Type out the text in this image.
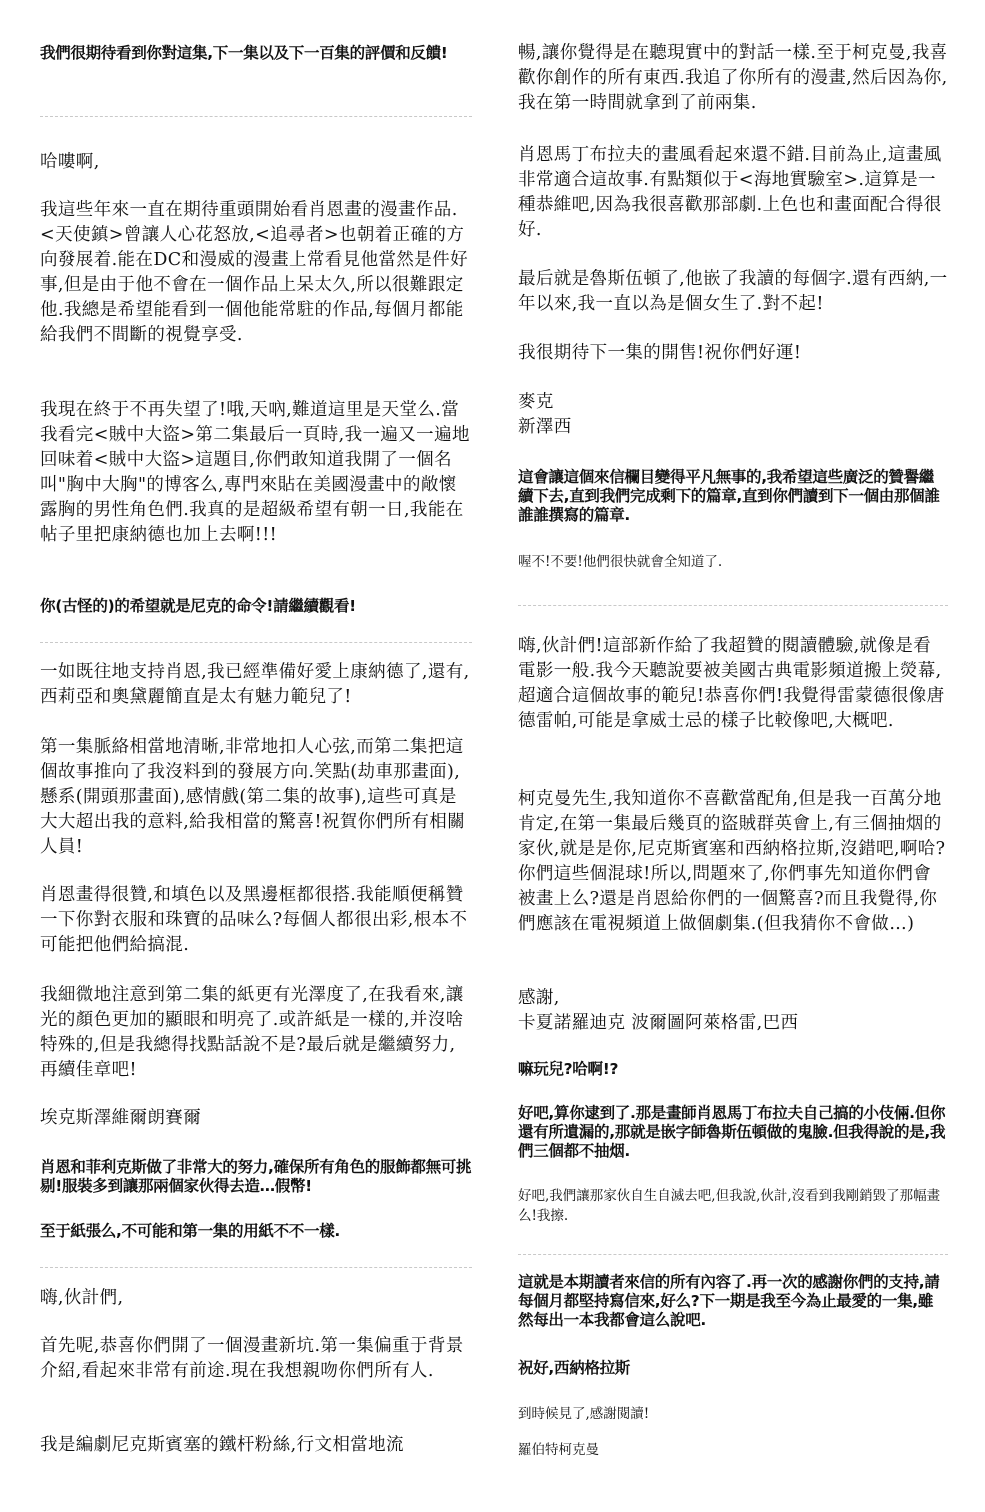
我們很期待看到你對這集,下一集以及下一百集的評價和反饋!

哈嘍啊,

我這些年來一直在期待重頭開始看肖恩畫的漫畫作品.<天使鎮>曾讓人心花怒放,<追尋者>也朝着正確的方向發展着.能在DC和漫威的漫畫上常看見他當然是件好事,但是由于他不會在一個作品上呆太久,所以很難跟定他.我總是希望能看到一個他能常駐的作品,每個月都能給我們不間斷的視覺享受.

我現在終于不再失望了!哦,天吶,難道這里是天堂么.當我看完<賊中大盜>第二集最后一頁時,我一遍又一遍地回味着<賊中大盜>這題目,你們敢知道我開了一個名叫"胸中大胸"的博客么,專門來貼在美國漫畫中的敞懷露胸的男性角色們.我真的是超級希望有朝一日,我能在帖子里把康納德也加上去啊!!!

你(古怪的)的希望就是尼克的命令!請繼續觀看!

一如既往地支持肖恩,我已經準備好愛上康納德了,還有,西莉亞和奧黛麗簡直是太有魅力範兒了!

第一集脈絡相當地清晰,非常地扣人心弦,而第二集把這個故事推向了我沒料到的發展方向.笑點(劫車那畫面),懸系(開頭那畫面),感情戲(第二集的故事),這些可真是大大超出我的意料,給我相當的驚喜!祝賀你們所有相關人員!

肖恩畫得很贊,和填色以及黑邊框都很搭.我能順便稱贊一下你對衣服和珠寶的品味么?每個人都很出彩,根本不可能把他們給搞混.

我細微地注意到第二集的紙更有光澤度了,在我看來,讓光的顏色更加的顯眼和明亮了.或許紙是一樣的,并沒啥特殊的,但是我總得找點話說不是?最后就是繼續努力,再續佳章吧!

埃克斯澤維爾朗賽爾

肖恩和菲利克斯做了非常大的努力,確保所有角色的服飾都無可挑剔!服裝多到讓那兩個家伙得去造…假幣!

至于紙張么,不可能和第一集的用紙不不一樣.

嗨,伙計們,

首先呢,恭喜你們開了一個漫畫新坑.第一集偏重于背景介紹,看起來非常有前途.現在我想親吻你們所有人.

我是編劇尼克斯賓塞的鐵杆粉絲,行文相當地流

暢,讓你覺得是在聽現實中的對話一樣.至于柯克曼,我喜歡你創作的所有東西.我追了你所有的漫畫,然后因為你,我在第一時間就拿到了前兩集.

肖恩馬丁布拉夫的畫風看起來還不錯.目前為止,這畫風非常適合這故事.有點類似于<海地實驗室>.這算是一種恭維吧,因為我很喜歡那部劇.上色也和畫面配合得很好.

最后就是魯斯伍頓了,他嵌了我讀的每個字.還有西納,一年以來,我一直以為是個女生了.對不起!

我很期待下一集的開售!祝你們好運!

麥克

新澤西

這會讓這個來信欄目變得平凡無事的,我希望這些廣泛的贊譽繼續下去,直到我們完成剩下的篇章,直到你們讀到下一個由那個誰誰誰撰寫的篇章.

喔不!不要!他們很快就會全知道了.

嗨,伙計們!這部新作給了我超贊的閱讀體驗,就像是看電影一般.我今天聽說要被美國古典電影頻道搬上熒幕,超適合這個故事的範兒!恭喜你們!我覺得雷蒙德很像唐德雷帕,可能是拿威士忌的樣子比較像吧,大概吧.

柯克曼先生,我知道你不喜歡當配角,但是我一百萬分地肯定,在第一集最后幾頁的盜賊群英會上,有三個抽烟的家伙,就是是你,尼克斯賓塞和西納格拉斯,沒錯吧,啊哈?你們這些個混球!所以,問題來了,你們事先知道你們會被畫上么?還是肖恩給你們的一個驚喜?而且我覺得,你們應該在電視頻道上做個劇集.(但我猜你不會做…)

感謝,

卡夏諾羅迪克 波爾圖阿萊格雷,巴西

嘛玩兒?哈啊!?

好吧,算你逮到了.那是畫師肖恩馬丁布拉夫自己搞的小伎倆.但你還有所遺漏的,那就是嵌字師魯斯伍頓做的鬼臉.但我得說的是,我們三個都不抽烟.

好吧,我們讓那家伙自生自滅去吧,但我說,伙計,沒看到我剛銷毀了那幅畫么!我擦.

這就是本期讀者來信的所有內容了.再一次的感謝你們的支持,請每個月都堅持寫信來,好么?下一期是我至今為止最愛的一集,雖然每出一本我都會這么說吧.

祝好,西納格拉斯

到時候見了,感謝閱讀!

羅伯特柯克曼
